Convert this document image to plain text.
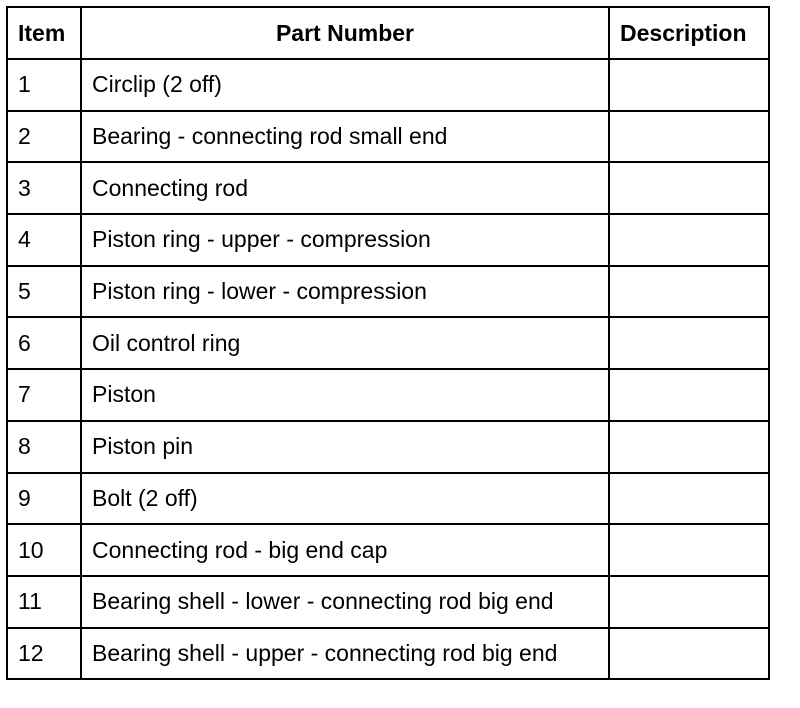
Item	Part Number	Description
1	Circlip (2 off)	
2	Bearing - connecting rod small end	
3	Connecting rod	
4	Piston ring - upper - compression	
5	Piston ring - lower - compression	
6	Oil control ring	
7	Piston	
8	Piston pin	
9	Bolt (2 off)	
10	Connecting rod - big end cap	
11	Bearing shell - lower - connecting rod big end	
12	Bearing shell - upper - connecting rod big end	
